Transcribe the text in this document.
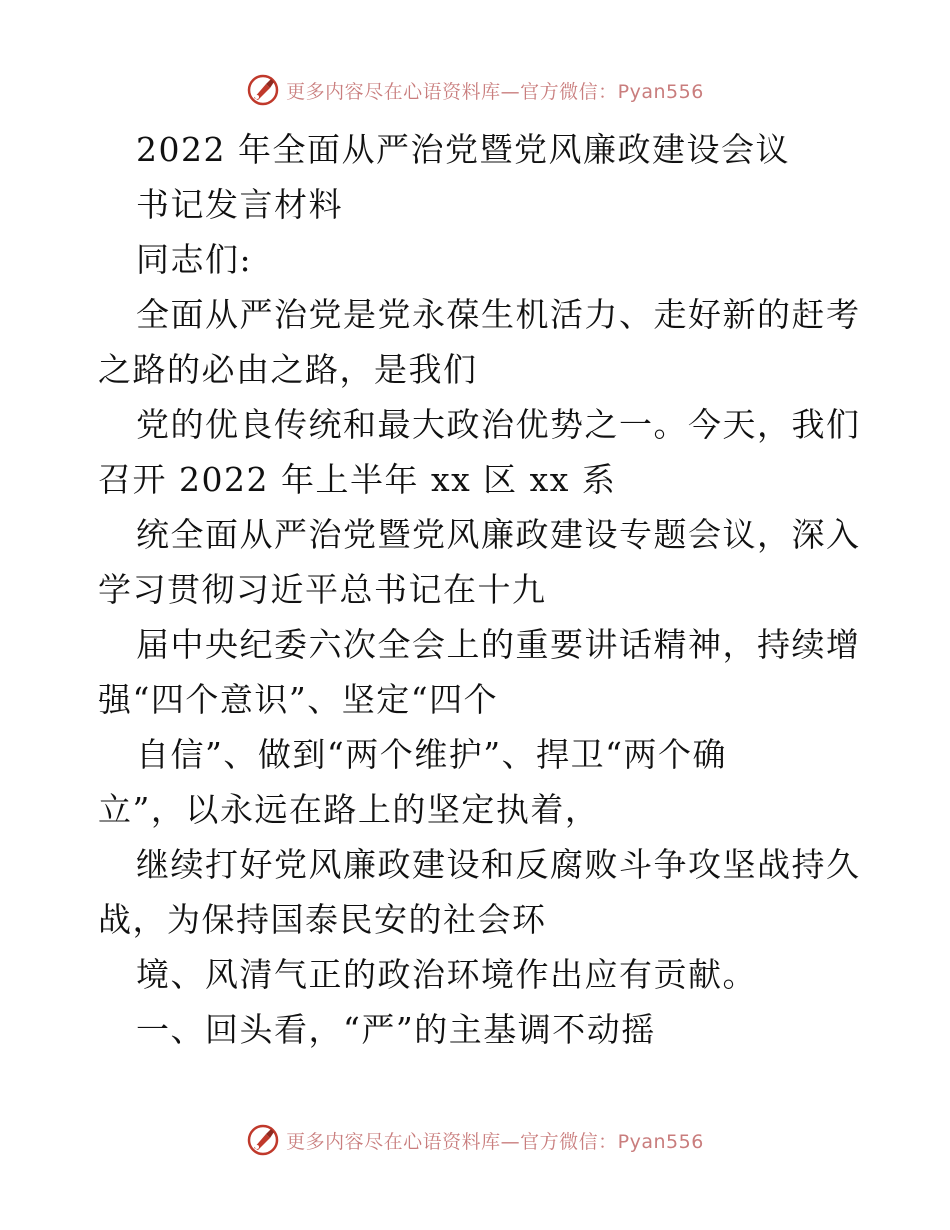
更多内容尽在心语资料库—官方微信：Pyan556
2022 年全面从严治党暨党风廉政建设会议
书记发言材料
同志们:
全面从严治党是党永葆生机活力、走好新的赶考
之路的必由之路，是我们
党的优良传统和最大政治优势之一。今天，我们
召开 2022 年上半年 xx 区 xx 系
统全面从严治党暨党风廉政建设专题会议，深入
学习贯彻习近平总书记在十九
届中央纪委六次全会上的重要讲话精神，持续增
强“四个意识”、坚定“四个
自信”、做到“两个维护”、捍卫“两个确
立”，以永远在路上的坚定执着，
继续打好党风廉政建设和反腐败斗争攻坚战持久
战，为保持国泰民安的社会环
境、风清气正的政治环境作出应有贡献。
一、回头看，“严”的主基调不动摇
更多内容尽在心语资料库—官方微信：Pyan556
